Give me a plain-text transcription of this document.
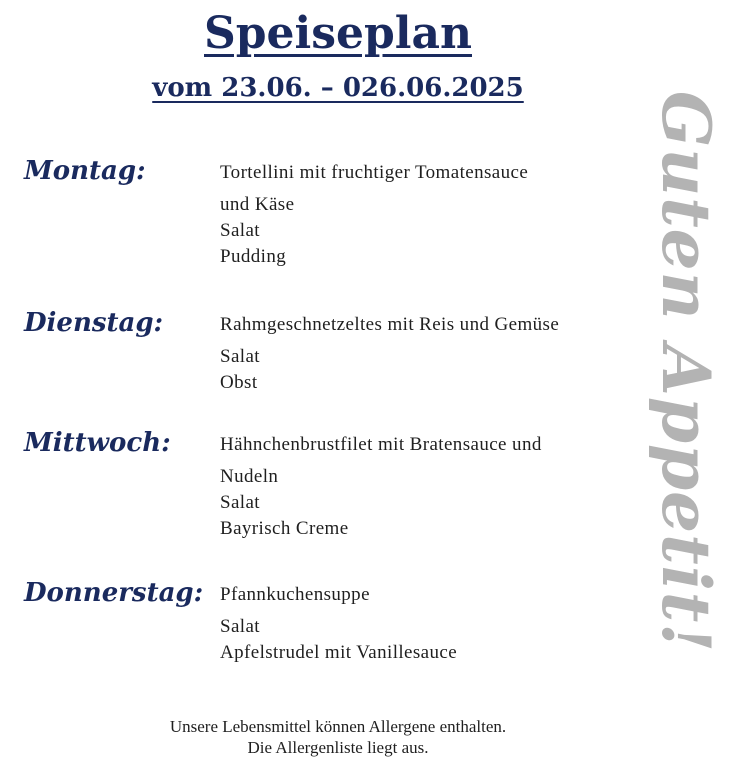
Speiseplan
vom 23.06. – 026.06.2025
Montag:	Tortellini mit fruchtiger Tomatensauce
und Käse
Salat
Pudding
Dienstag:	Rahmgeschnetzeltes mit Reis und Gemüse
Salat
Obst
Mittwoch:	Hähnchenbrustfilet mit Bratensauce und
Nudeln
Salat
Bayrisch Creme
Donnerstag: Pfannkuchensuppe
Salat
Apfelstrudel mit Vanillesauce
Unsere Lebensmittel können Allergene enthalten.
Die Allergenliste liegt aus.
Guten Appetit!
